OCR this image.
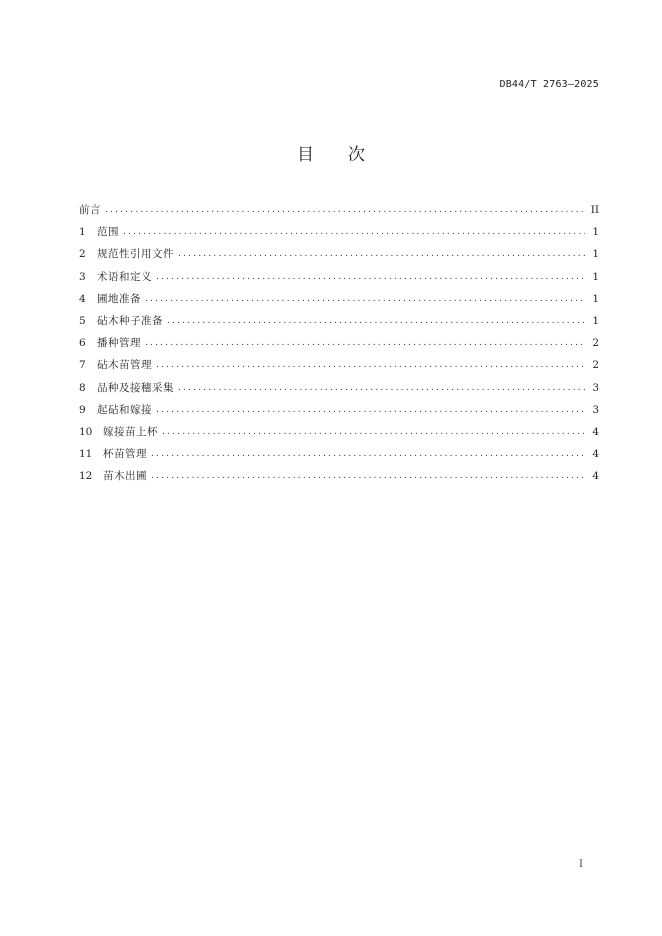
DB44/T 2763—2025
目 次
前言 .....	II
1	范围 .....	1
2	规范性引用文件 .....	1
3	术语和定义 .....	1
4	圃地准备 .....	1
5	砧木种子准备 .....	1
6	播种管理 .....	2
7	砧木苗管理 .....	2
8	品种及接穗采集 .....	3
9	起砧和嫁接 .....	3
10	嫁接苗上杯 .....	4
11	杯苗管理 .....	4
12	苗木出圃 .....	4
I
